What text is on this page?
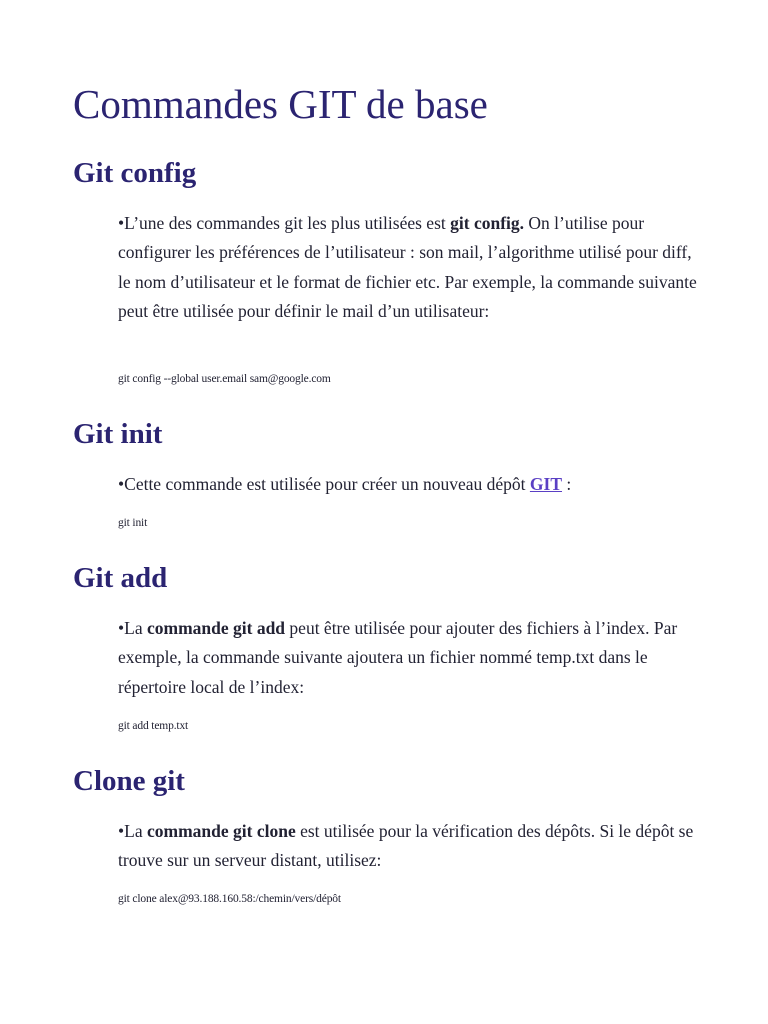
Commandes GIT de base
Git config

•L’une des commandes git les plus utilisées est git config. On l’utilise pour configurer les préférences de l’utilisateur : son mail, l’algorithme utilisé pour diff, le nom d’utilisateur et le format de fichier etc. Par exemple, la commande suivante peut être utilisée pour définir le mail d’un utilisateur:

git config --global user.email sam@google.com

Git init

•Cette commande est utilisée pour créer un nouveau dépôt GIT :

git init

Git add

•La commande git add peut être utilisée pour ajouter des fichiers à l’index. Par exemple, la commande suivante ajoutera un fichier nommé temp.txt dans le répertoire local de l’index:

git add temp.txt

Clone git

•La commande git clone est utilisée pour la vérification des dépôts. Si le dépôt se trouve sur un serveur distant, utilisez:

git clone alex@93.188.160.58:/chemin/vers/dépôt
